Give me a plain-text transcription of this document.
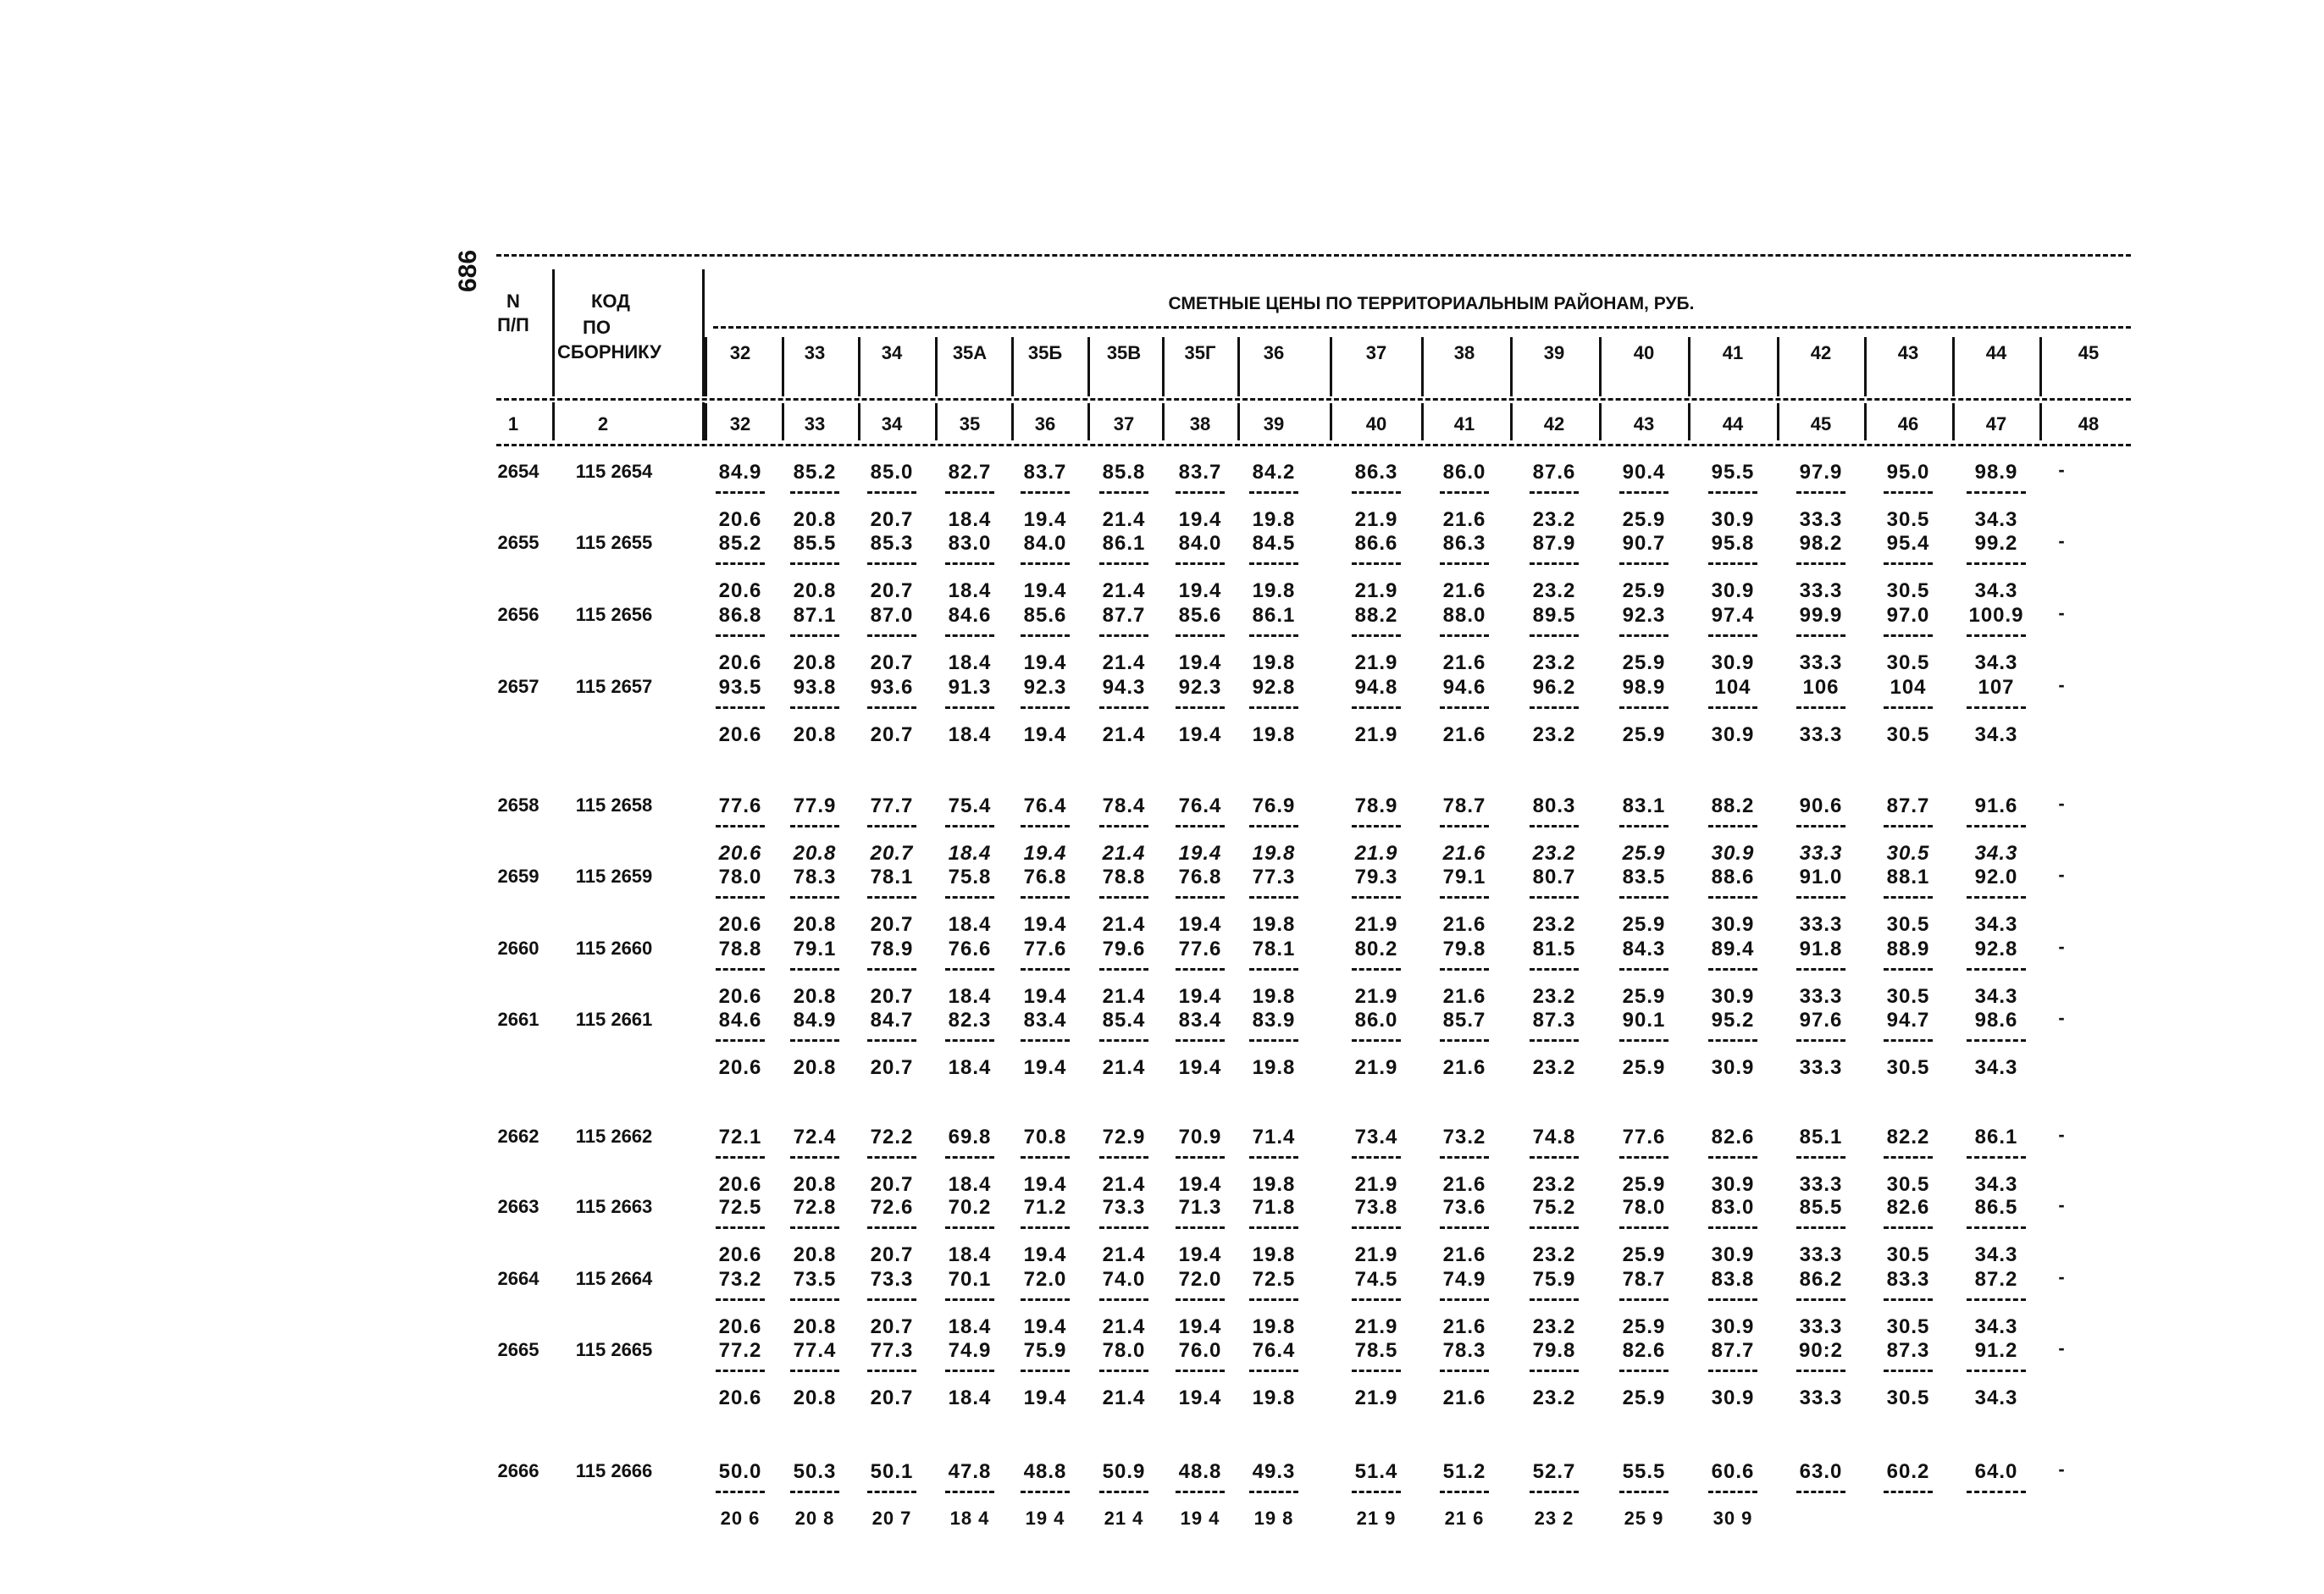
686
N
П/П
КОД
ПО
СБОРНИКУ
СМЕТНЫЕ ЦЕНЫ ПО ТЕРРИТОРИАЛЬНЫМ РАЙОНАМ, РУБ.
32	33	34	35А 35Б 35В 35Г	36	37	38	39	40	41	42	43	44	45
1	2	32	33	34	35	36	37	38	39	40	41	42	43	44	45	46	47	48
2654 115 2654	84.9 85.2 85.0 82.7 83.7 85.8 83.7 84.2	86.3 86.0 87.6 90.4 95.5 97.9 95.0 98.9 -
20.6 20.8 20.7 18.4 19.4 21.4 19.4 19.8	21.9 21.6 23.2 25.9 30.9 33.3 30.5 34.3
2655 115 2655	85.2 85.5 85.3 83.0 84.0 86.1 84.0 84.5	86.6 86.3 87.9 90.7 95.8 98.2 95.4 99.2 -
20.6 20.8 20.7 18.4 19.4 21.4 19.4 19.8	21.9 21.6 23.2 25.9 30.9 33.3 30.5 34.3
2656 115 2656	86.8 87.1 87.0 84.6 85.6 87.7 85.6 86.1	88.2 88.0 89.5 92.3 97.4 99.9 97.0 100.9 -
20.6 20.8 20.7 18.4 19.4 21.4 19.4 19.8	21.9 21.6 23.2 25.9 30.9 33.3 30.5 34.3
2657 115 2657	93.5 93.8 93.6 91.3 92.3 94.3 92.3 92.8	94.8 94.6 96.2 98.9 104	106 104	107 -
20.6 20.8 20.7 18.4 19.4 21.4 19.4 19.8	21.9 21.6 23.2 25.9 30.9 33.3 30.5 34.3
2658 115 2658	77.6 77.9 77.7 75.4 76.4 78.4 76.4 76.9	78.9 78.7 80.3 83.1 88.2 90.6 87.7 91.6 -
20.6 20.8 20.7 18.4 19.4 21.4 19.4 19.8	21.9 21.6 23.2 25.9 30.9 33.3 30.5 34.3
2659 115 2659	78.0 78.3 78.1 75.8 76.8 78.8 76.8 77.3	79.3 79.1 80.7 83.5 88.6 91.0 88.1 92.0 -
20.6 20.8 20.7 18.4 19.4 21.4 19.4 19.8	21.9 21.6 23.2 25.9 30.9 33.3 30.5 34.3
2660 115 2660	78.8 79.1 78.9 76.6 77.6 79.6 77.6 78.1	80.2 79.8 81.5 84.3 89.4 91.8 88.9 92.8 -
20.6 20.8 20.7 18.4 19.4 21.4 19.4 19.8	21.9 21.6 23.2 25.9 30.9 33.3 30.5 34.3
2661 115 2661	84.6 84.9 84.7 82.3 83.4 85.4 83.4 83.9	86.0 85.7 87.3 90.1 95.2 97.6 94.7 98.6 -
20.6 20.8 20.7 18.4 19.4 21.4 19.4 19.8	21.9 21.6 23.2 25.9 30.9 33.3 30.5 34.3
2662 115 2662	72.1 72.4 72.2 69.8 70.8 72.9 70.9 71.4	73.4 73.2 74.8 77.6 82.6 85.1 82.2 86.1 -
20.6 20.8 20.7 18.4 19.4 21.4 19.4 19.8	21.9 21.6 23.2 25.9 30.9 33.3 30.5 34.3
2663 115 2663	72.5 72.8 72.6 70.2 71.2 73.3 71.3 71.8	73.8 73.6 75.2 78.0 83.0 85.5 82.6 86.5 -
20.6 20.8 20.7 18.4 19.4 21.4 19.4 19.8	21.9 21.6 23.2 25.9 30.9 33.3 30.5 34.3
2664 115 2664	73.2 73.5 73.3 70.1 72.0 74.0 72.0 72.5	74.5 74.9 75.9 78.7 83.8 86.2 83.3 87.2 -
20.6 20.8 20.7 18.4 19.4 21.4 19.4 19.8	21.9 21.6 23.2 25.9 30.9 33.3 30.5 34.3
2665 115 2665	77.2 77.4 77.3 74.9 75.9 78.0 76.0 76.4	78.5 78.3 79.8 82.6 87.7 90:2 87.3 91.2 -
20.6 20.8 20.7 18.4 19.4 21.4 19.4 19.8	21.9 21.6 23.2 25.9 30.9 33.3 30.5 34.3
2666 115 2666	50.0 50.3 50.1 47.8 48.8 50.9 48.8 49.3	51.4 51.2 52.7 55.5 60.6 63.0 60.2 64.0 -
20 6 20 8 20 7 18 4 19 4 21 4 19 4 19 8	21 9	21 6	23 2	25 9	30 9
